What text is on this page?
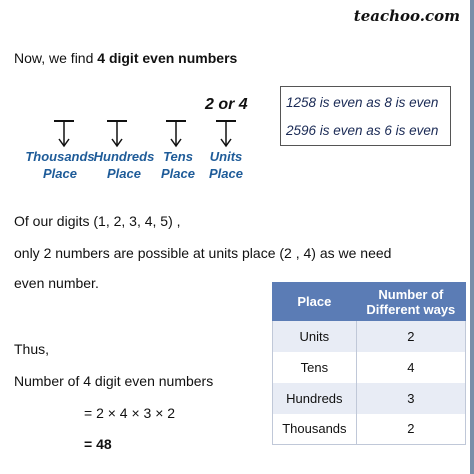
teachoo.com
Now, we find 4 digit even numbers
2 or 4
Thousands
Place
Hundreds
Place
Tens
Place
Units
Place
1258 is even as 8 is even
2596 is even as 6 is even
Of our digits (1, 2, 3, 4, 5) ,
only 2 numbers are possible at units place (2 , 4) as we need
even number.
Thus,
Number of 4 digit even numbers
= 2 × 4 × 3 × 2
= 48
Place	Number of Different ways
Units	2
Tens	4
Hundreds	3
Thousands	2
